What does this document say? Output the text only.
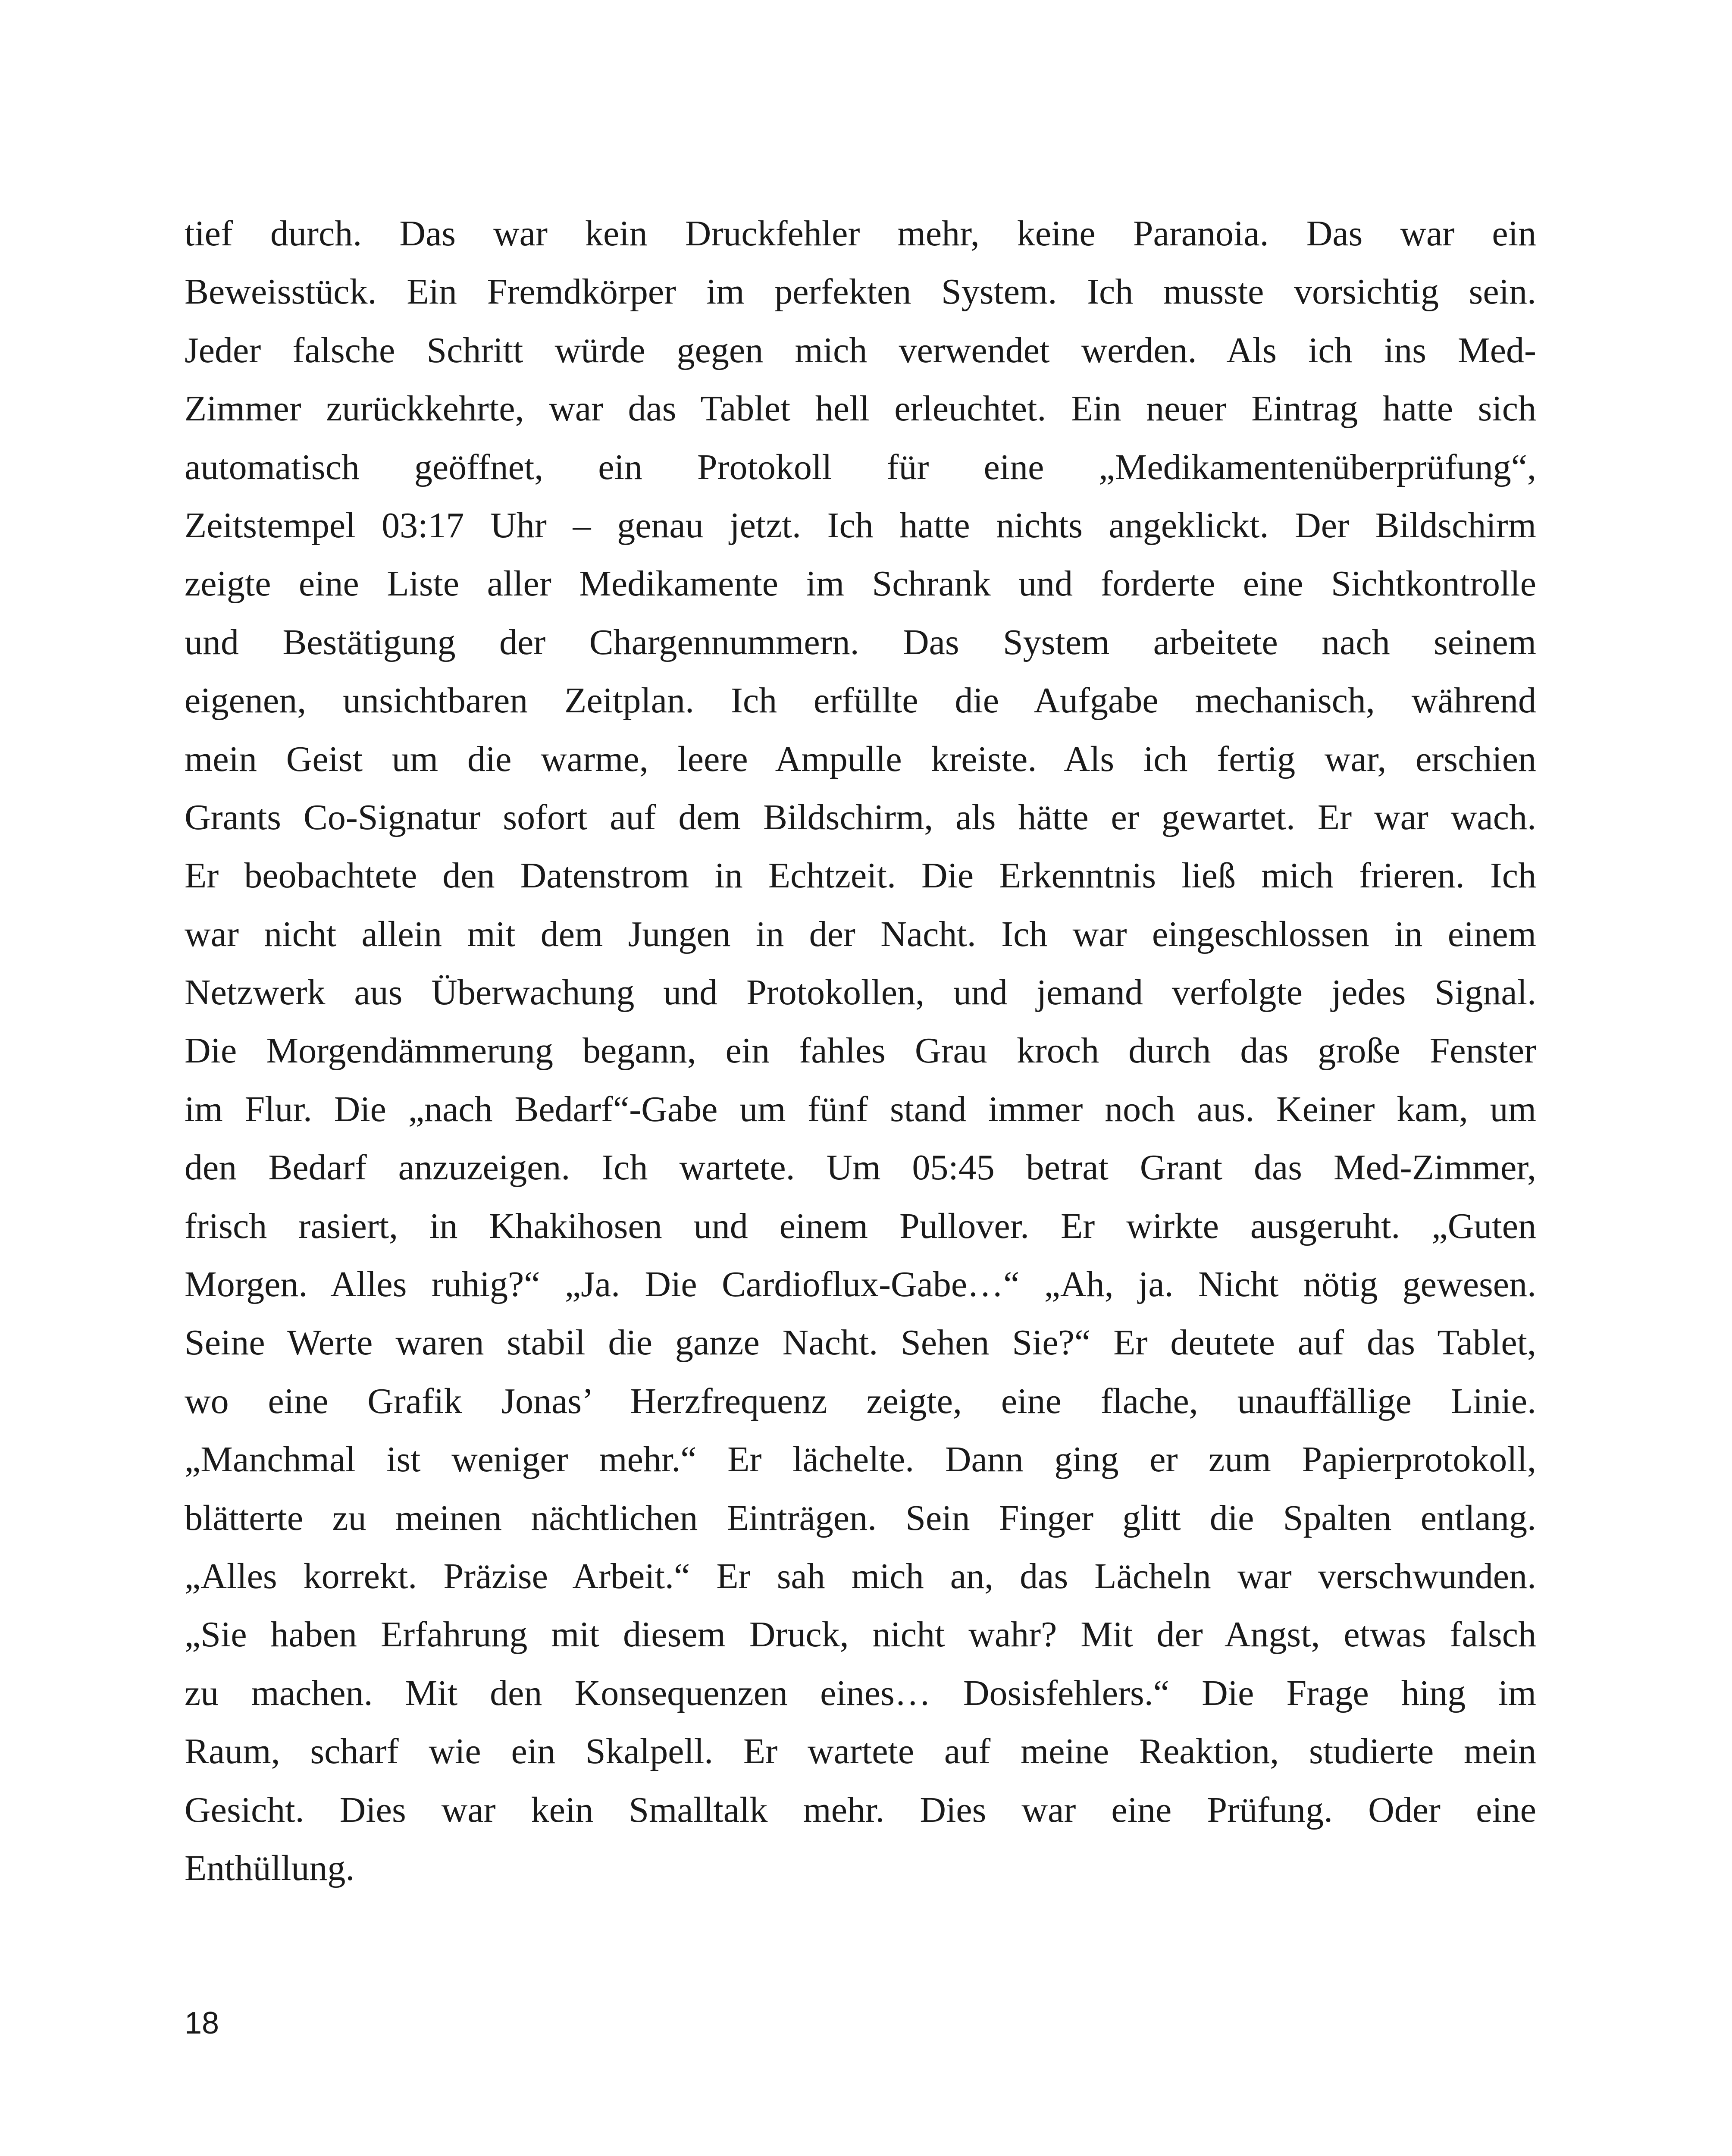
tief durch. Das war kein Druckfehler mehr, keine Paranoia. Das war ein
Beweisstück. Ein Fremdkörper im perfekten System. Ich musste vorsichtig sein.
Jeder falsche Schritt würde gegen mich verwendet werden. Als ich ins Med-
Zimmer zurückkehrte, war das Tablet hell erleuchtet. Ein neuer Eintrag hatte sich
automatisch geöffnet, ein Protokoll für eine „Medikamentenüberprüfung“,
Zeitstempel 03:17 Uhr – genau jetzt. Ich hatte nichts angeklickt. Der Bildschirm
zeigte eine Liste aller Medikamente im Schrank und forderte eine Sichtkontrolle
und Bestätigung der Chargennummern. Das System arbeitete nach seinem
eigenen, unsichtbaren Zeitplan. Ich erfüllte die Aufgabe mechanisch, während
mein Geist um die warme, leere Ampulle kreiste. Als ich fertig war, erschien
Grants Co-Signatur sofort auf dem Bildschirm, als hätte er gewartet. Er war wach.
Er beobachtete den Datenstrom in Echtzeit. Die Erkenntnis ließ mich frieren. Ich
war nicht allein mit dem Jungen in der Nacht. Ich war eingeschlossen in einem
Netzwerk aus Überwachung und Protokollen, und jemand verfolgte jedes Signal.
Die Morgendämmerung begann, ein fahles Grau kroch durch das große Fenster
im Flur. Die „nach Bedarf“-Gabe um fünf stand immer noch aus. Keiner kam, um
den Bedarf anzuzeigen. Ich wartete. Um 05:45 betrat Grant das Med-Zimmer,
frisch rasiert, in Khakihosen und einem Pullover. Er wirkte ausgeruht. „Guten
Morgen. Alles ruhig?“ „Ja. Die Cardioflux-Gabe…“ „Ah, ja. Nicht nötig gewesen.
Seine Werte waren stabil die ganze Nacht. Sehen Sie?“ Er deutete auf das Tablet,
wo eine Grafik Jonas’ Herzfrequenz zeigte, eine flache, unauffällige Linie.
„Manchmal ist weniger mehr.“ Er lächelte. Dann ging er zum Papierprotokoll,
blätterte zu meinen nächtlichen Einträgen. Sein Finger glitt die Spalten entlang.
„Alles korrekt. Präzise Arbeit.“ Er sah mich an, das Lächeln war verschwunden.
„Sie haben Erfahrung mit diesem Druck, nicht wahr? Mit der Angst, etwas falsch
zu machen. Mit den Konsequenzen eines… Dosisfehlers.“ Die Frage hing im
Raum, scharf wie ein Skalpell. Er wartete auf meine Reaktion, studierte mein
Gesicht. Dies war kein Smalltalk mehr. Dies war eine Prüfung. Oder eine
Enthüllung.
18
